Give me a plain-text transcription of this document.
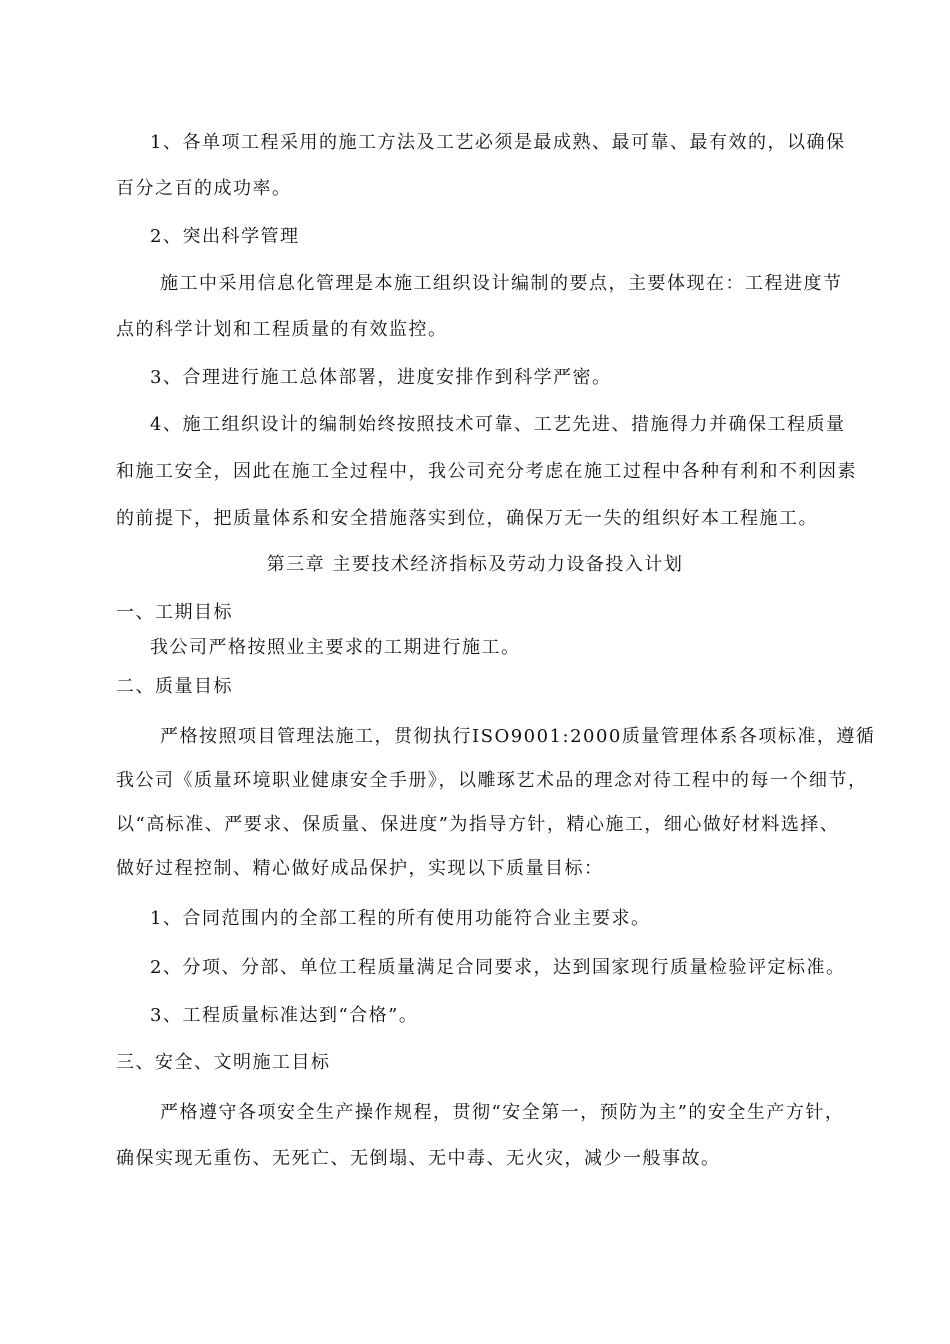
1、各单项工程采用的施工方法及工艺必须是最成熟、最可靠、最有效的，以确保
百分之百的成功率。
2、突出科学管理
施工中采用信息化管理是本施工组织设计编制的要点，主要体现在：工程进度节
点的科学计划和工程质量的有效监控。
3、合理进行施工总体部署，进度安排作到科学严密。
4、施工组织设计的编制始终按照技术可靠、工艺先进、措施得力并确保工程质量
和施工安全，因此在施工全过程中，我公司充分考虑在施工过程中各种有利和不利因素
的前提下，把质量体系和安全措施落实到位，确保万无一失的组织好本工程施工。
第三章 主要技术经济指标及劳动力设备投入计划
一、工期目标
我公司严格按照业主要求的工期进行施工。
二、质量目标
严格按照项目管理法施工，贯彻执行ISO9001:2000质量管理体系各项标准，遵循
我公司《质量环境职业健康安全手册》，以雕琢艺术品的理念对待工程中的每一个细节，
以“高标准、严要求、保质量、保进度”为指导方针，精心施工，细心做好材料选择、
做好过程控制、精心做好成品保护，实现以下质量目标：
1、合同范围内的全部工程的所有使用功能符合业主要求。
2、分项、分部、单位工程质量满足合同要求，达到国家现行质量检验评定标准。
3、工程质量标准达到“合格”。
三、安全、文明施工目标
严格遵守各项安全生产操作规程，贯彻“安全第一，预防为主”的安全生产方针，
确保实现无重伤、无死亡、无倒塌、无中毒、无火灾，减少一般事故。
